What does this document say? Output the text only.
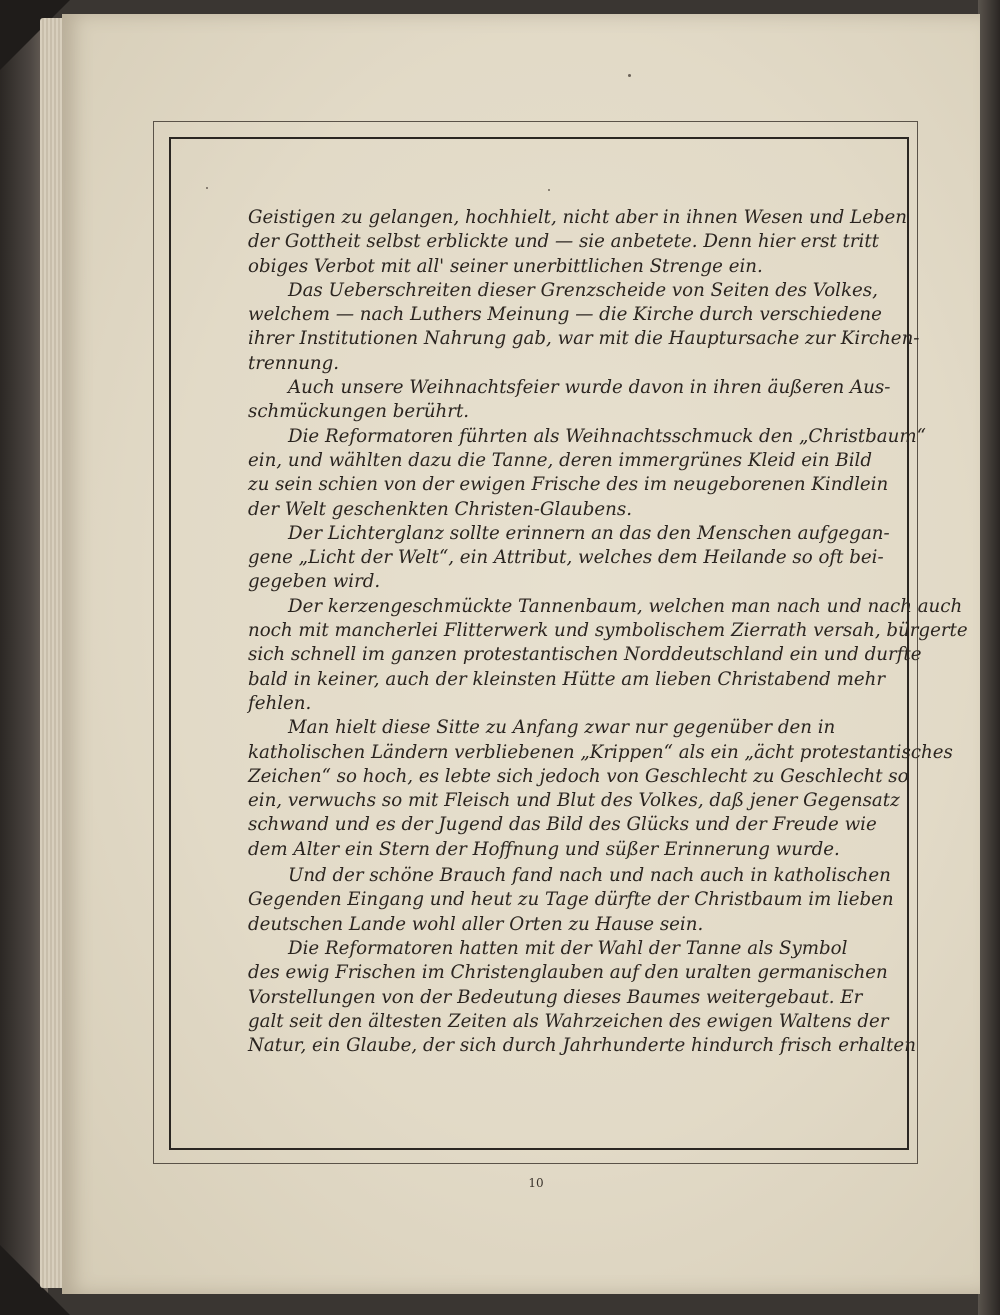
Geistigen zu gelangen, hochhielt, nicht aber in ihnen Wesen und Leben
der Gottheit selbst erblickte und — sie anbetete. Denn hier erst tritt
obiges Verbot mit all' seiner unerbittlichen Strenge ein.
Das Ueberschreiten dieser Grenzscheide von Seiten des Volkes,
welchem — nach Luthers Meinung — die Kirche durch verschiedene
ihrer Institutionen Nahrung gab, war mit die Hauptursache zur Kirchen-
trennung.
Auch unsere Weihnachtsfeier wurde davon in ihren äußeren Aus-
schmückungen berührt.
Die Reformatoren führten als Weihnachtsschmuck den „Christbaum“
ein, und wählten dazu die Tanne, deren immergrünes Kleid ein Bild
zu sein schien von der ewigen Frische des im neugeborenen Kindlein
der Welt geschenkten Christen-Glaubens.
Der Lichterglanz sollte erinnern an das den Menschen aufgegan-
gene „Licht der Welt“, ein Attribut, welches dem Heilande so oft bei-
gegeben wird.
Der kerzengeschmückte Tannenbaum, welchen man nach und nach auch
noch mit mancherlei Flitterwerk und symbolischem Zierrath versah, bürgerte
sich schnell im ganzen protestantischen Norddeutschland ein und durfte
bald in keiner, auch der kleinsten Hütte am lieben Christabend mehr
fehlen.
Man hielt diese Sitte zu Anfang zwar nur gegenüber den in
katholischen Ländern verbliebenen „Krippen“ als ein „ächt protestantisches
Zeichen“ so hoch, es lebte sich jedoch von Geschlecht zu Geschlecht so
ein, verwuchs so mit Fleisch und Blut des Volkes, daß jener Gegensatz
schwand und es der Jugend das Bild des Glücks und der Freude wie
dem Alter ein Stern der Hoffnung und süßer Erinnerung wurde.
Und der schöne Brauch fand nach und nach auch in katholischen
Gegenden Eingang und heut zu Tage dürfte der Christbaum im lieben
deutschen Lande wohl aller Orten zu Hause sein.
Die Reformatoren hatten mit der Wahl der Tanne als Symbol
des ewig Frischen im Christenglauben auf den uralten germanischen
Vorstellungen von der Bedeutung dieses Baumes weitergebaut. Er
galt seit den ältesten Zeiten als Wahrzeichen des ewigen Waltens der
Natur, ein Glaube, der sich durch Jahrhunderte hindurch frisch erhalten
10
